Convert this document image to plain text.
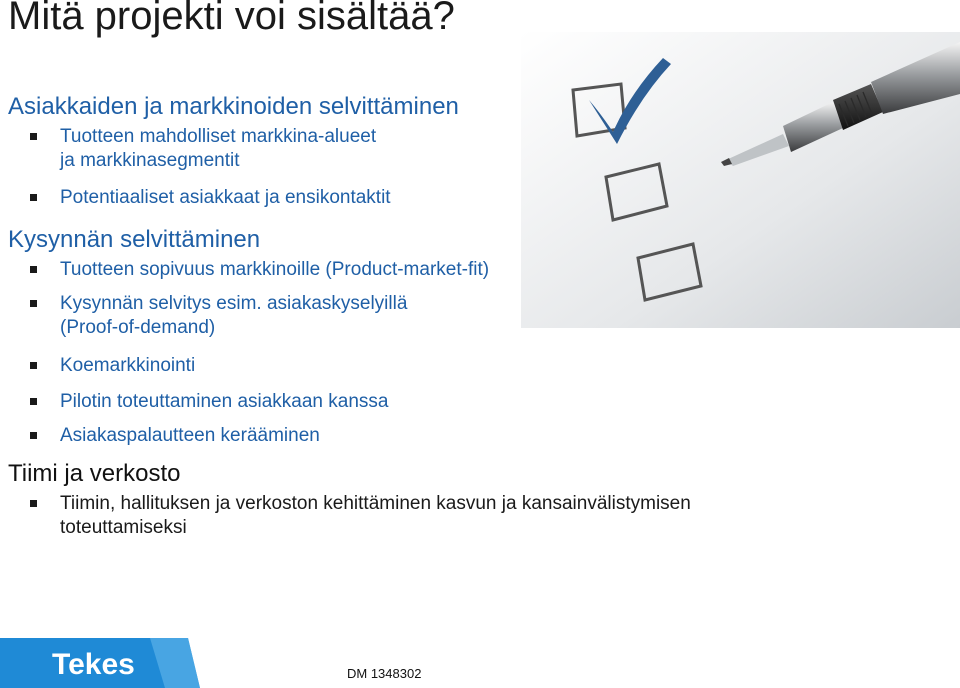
Mitä projekti voi sisältää?
Asiakkaiden ja markkinoiden selvittäminen
Tuotteen mahdolliset markkina-alueet
ja markkinasegmentit
Potentiaaliset asiakkaat ja ensikontaktit
Kysynnän selvittäminen
Tuotteen sopivuus markkinoille (Product-market-fit)
Kysynnän selvitys esim. asiakaskyselyillä
(Proof-of-demand)
Koemarkkinointi
Pilotin toteuttaminen asiakkaan kanssa
Asiakaspalautteen kerääminen
Tiimi ja verkosto
Tiimin, hallituksen ja verkoston kehittäminen kasvun ja kansainvälistymisen
toteuttamiseksi
Tekes	DM 1348302
